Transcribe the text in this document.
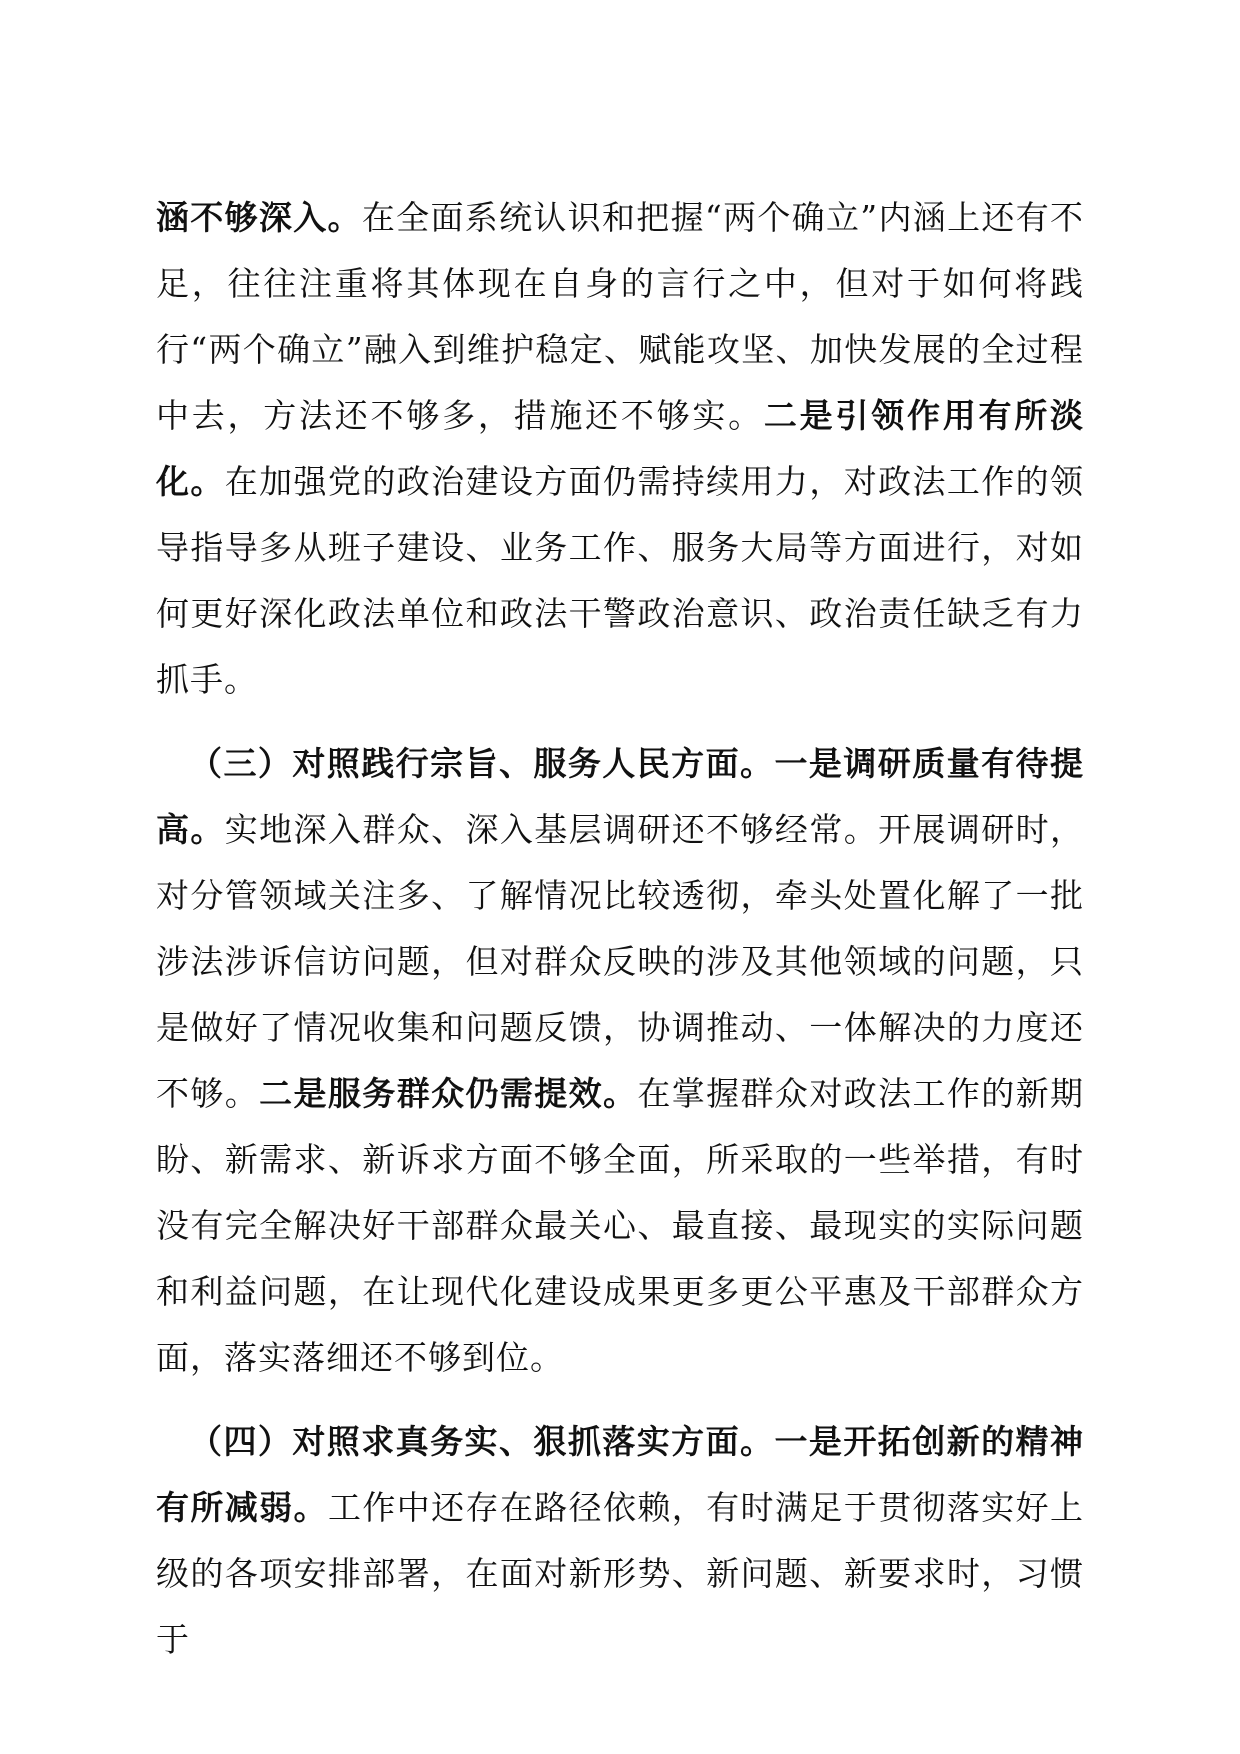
涵不够深入。在全面系统认识和把握“两个确立”内涵上还有不足，往往注重将其体现在自身的言行之中，但对于如何将践行“两个确立”融入到维护稳定、赋能攻坚、加快发展的全过程中去，方法还不够多，措施还不够实。二是引领作用有所淡化。在加强党的政治建设方面仍需持续用力，对政法工作的领导指导多从班子建设、业务工作、服务大局等方面进行，对如何更好深化政法单位和政法干警政治意识、政治责任缺乏有力抓手。

（三）对照践行宗旨、服务人民方面。一是调研质量有待提高。实地深入群众、深入基层调研还不够经常。开展调研时，对分管领域关注多、了解情况比较透彻，牵头处置化解了一批涉法涉诉信访问题，但对群众反映的涉及其他领域的问题，只是做好了情况收集和问题反馈，协调推动、一体解决的力度还不够。二是服务群众仍需提效。在掌握群众对政法工作的新期盼、新需求、新诉求方面不够全面，所采取的一些举措，有时没有完全解决好干部群众最关心、最直接、最现实的实际问题和利益问题，在让现代化建设成果更多更公平惠及干部群众方面，落实落细还不够到位。

（四）对照求真务实、狠抓落实方面。一是开拓创新的精神有所减弱。工作中还存在路径依赖，有时满足于贯彻落实好上级的各项安排部署，在面对新形势、新问题、新要求时，习惯于
